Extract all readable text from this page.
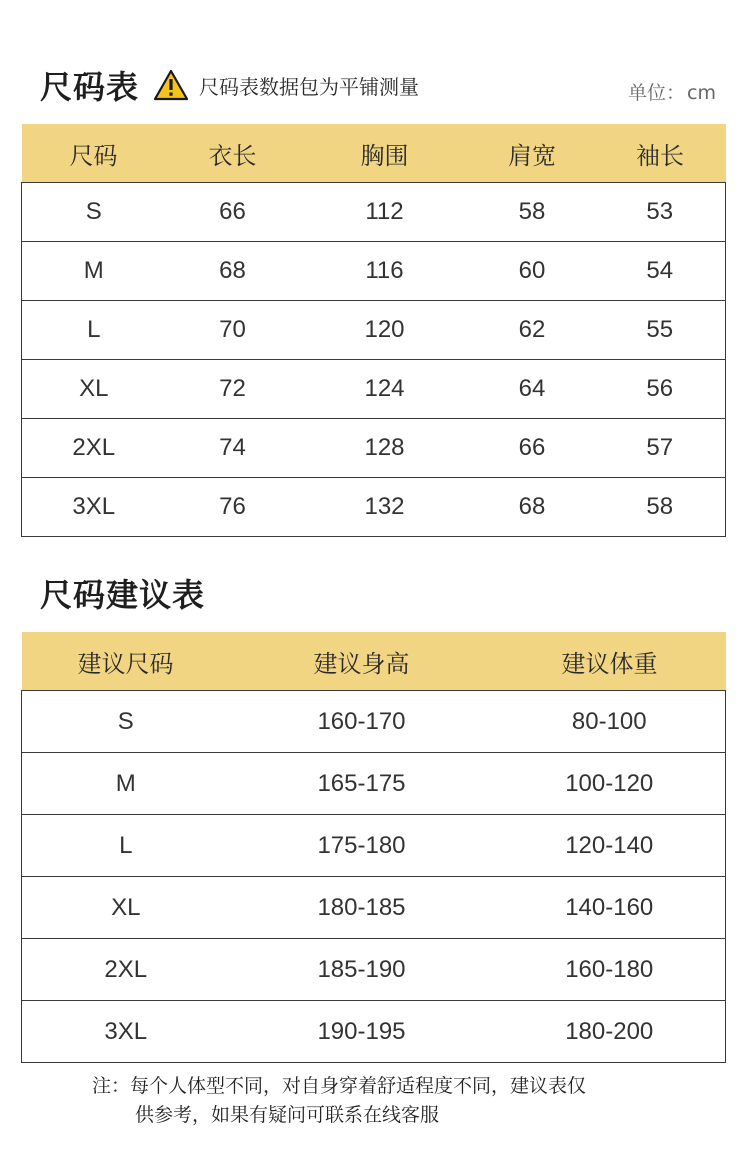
尺码表	尺码表数据包为平铺测量	单位： cm
尺码	衣长	胸围	肩宽	袖长
S	66	112	58	53
M	68	116	60	54
L	70	120	62	55
XL	72	124	64	56
2XL	74	128	66	57
3XL	76	132	68	58
尺码建议表
建议尺码	建议身高	建议体重
S	160-170	80-100
M	165-175	100-120
L	175-180	120-140
XL	180-185	140-160
2XL	185-190	160-180
3XL	190-195	180-200
注：每个人体型不同，对自身穿着舒适程度不同，建议表仅
供参考，如果有疑问可联系在线客服
